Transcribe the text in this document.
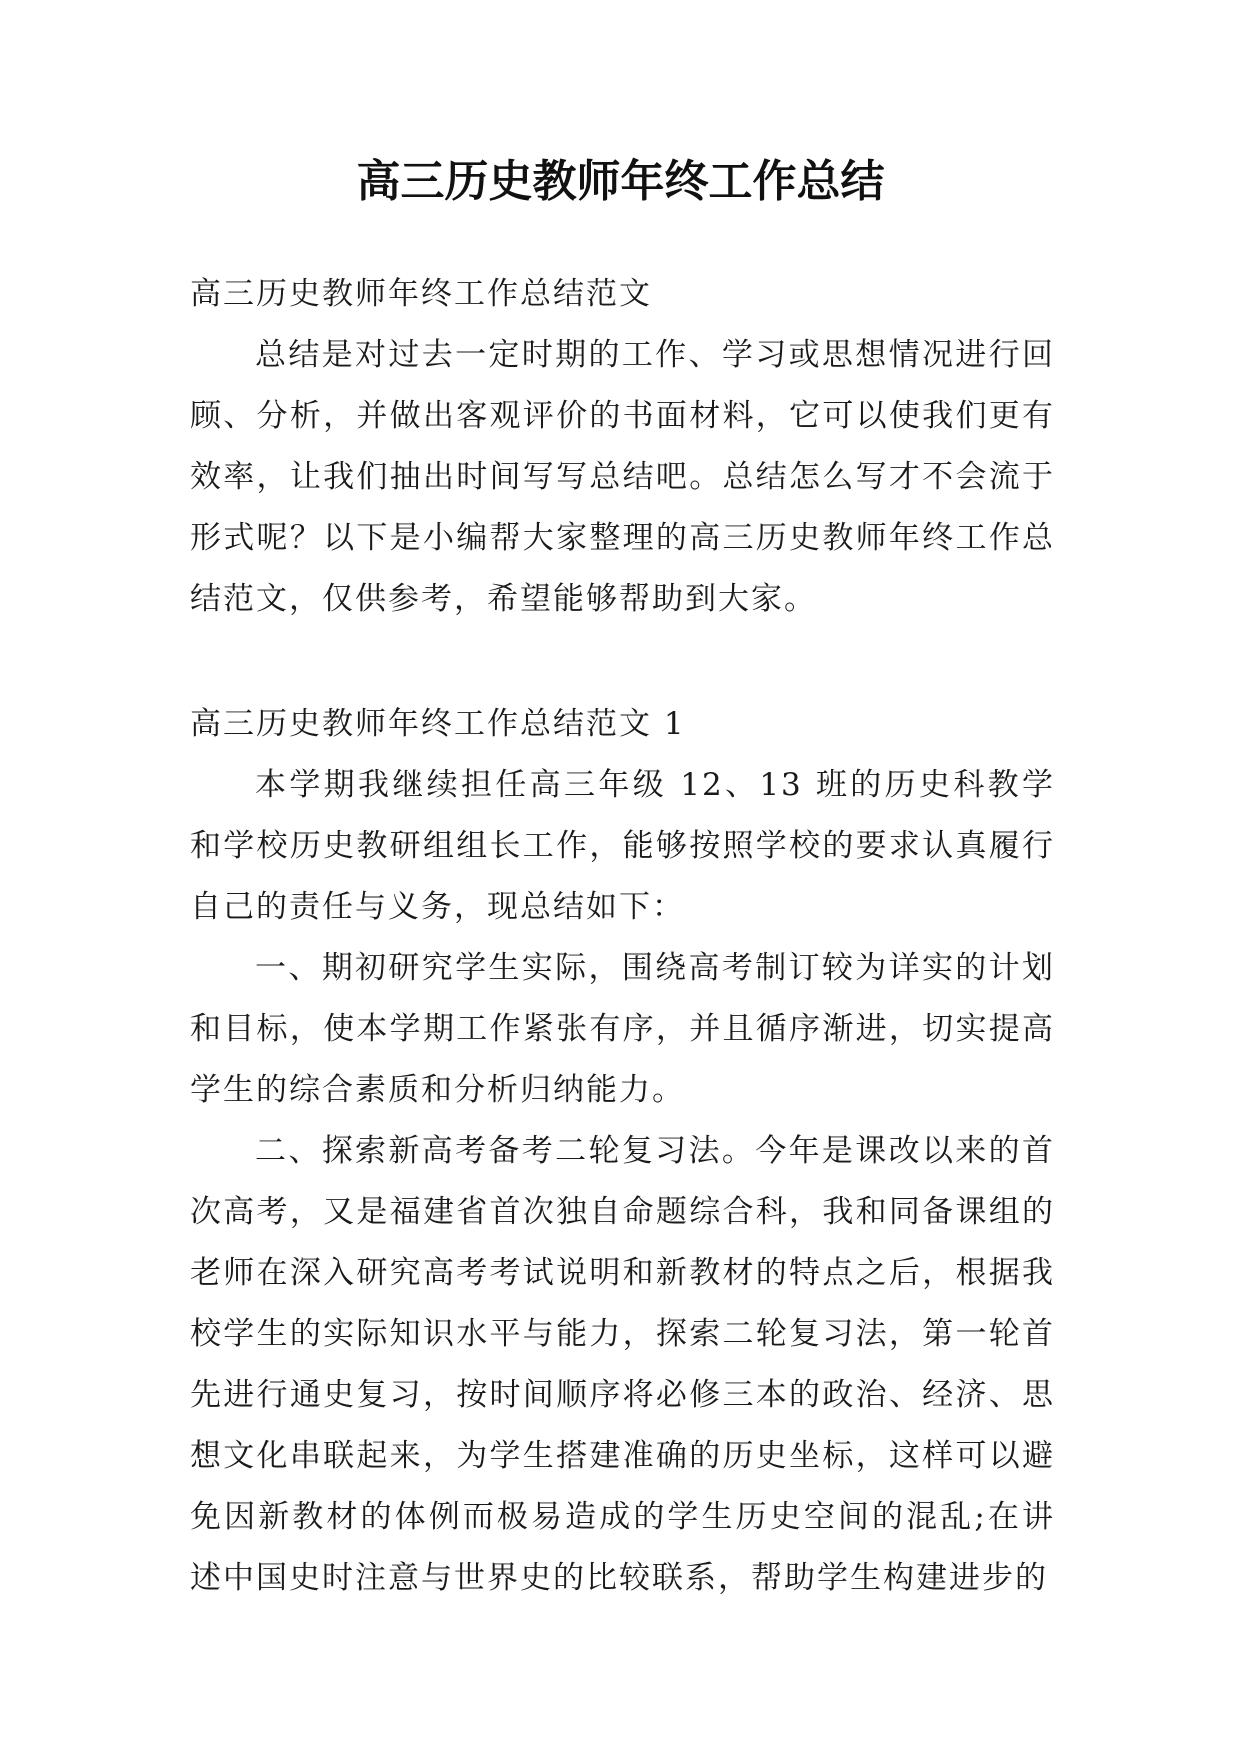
高三历史教师年终工作总结

高三历史教师年终工作总结范文

总结是对过去一定时期的工作、学习或思想情况进行回顾、分析，并做出客观评价的书面材料，它可以使我们更有效率，让我们抽出时间写写总结吧。总结怎么写才不会流于形式呢？以下是小编帮大家整理的高三历史教师年终工作总结范文，仅供参考，希望能够帮助到大家。

高三历史教师年终工作总结范文 1

本学期我继续担任高三年级 12、13 班的历史科教学和学校历史教研组组长工作，能够按照学校的要求认真履行自己的责任与义务，现总结如下：

一、期初研究学生实际，围绕高考制订较为详实的计划和目标，使本学期工作紧张有序，并且循序渐进，切实提高学生的综合素质和分析归纳能力。

二、探索新高考备考二轮复习法。今年是课改以来的首次高考，又是福建省首次独自命题综合科，我和同备课组的老师在深入研究高考考试说明和新教材的特点之后，根据我校学生的实际知识水平与能力，探索二轮复习法，第一轮首先进行通史复习，按时间顺序将必修三本的政治、经济、思想文化串联起来，为学生搭建准确的历史坐标，这样可以避免因新教材的体例而极易造成的学生历史空间的混乱;在讲述中国史时注意与世界史的比较联系，帮助学生构建进步的
